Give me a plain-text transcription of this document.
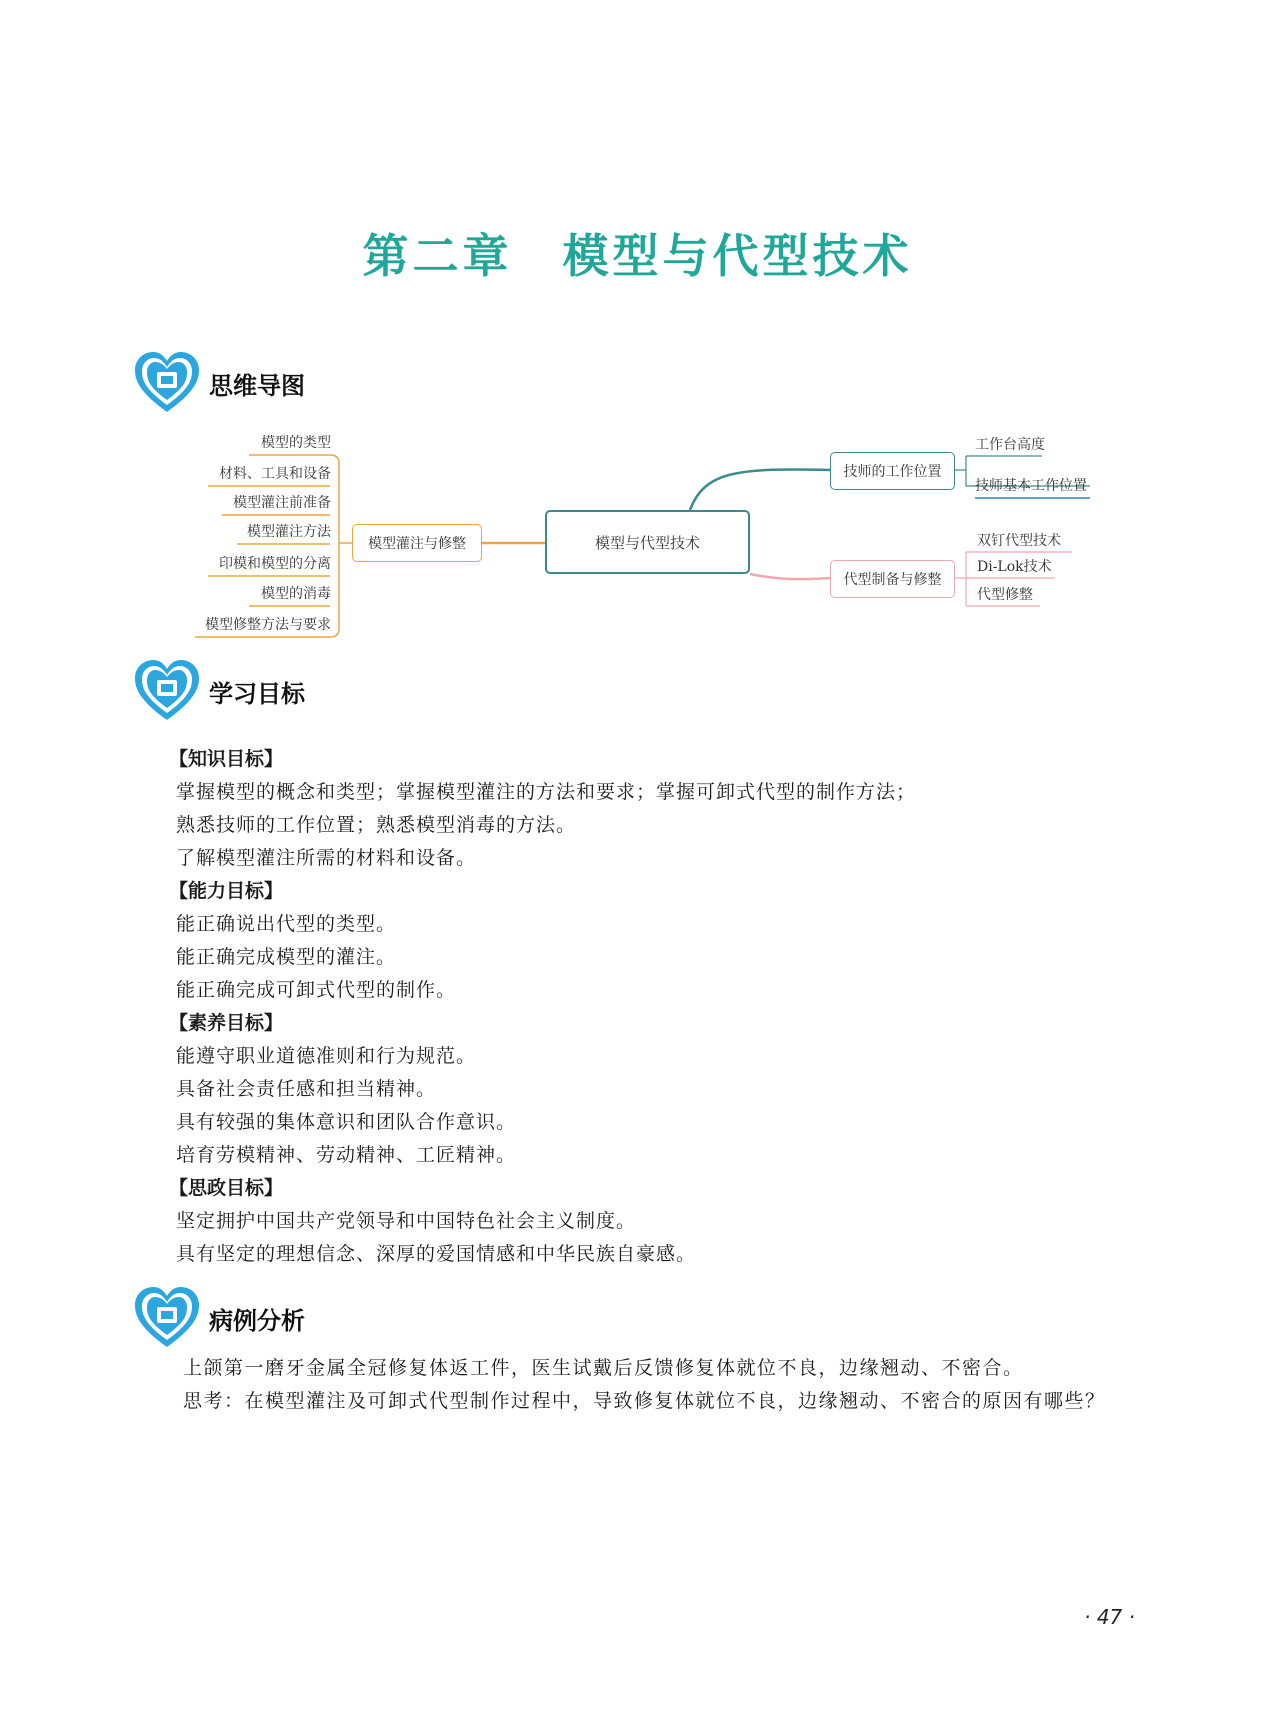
第二章　模型与代型技术
思维导图
模型的类型
材料、工具和设备
模型灌注前准备
模型灌注方法
印模和模型的分离
模型的消毒
模型修整方法与要求
模型灌注与修整	模型与代型技术
技师的工作位置
代型制备与修整
工作台高度
技师基本工作位置
双钉代型技术
Di-Lok技术
代型修整
学习目标
【知识目标】
掌握模型的概念和类型；掌握模型灌注的方法和要求；掌握可卸式代型的制作方法；
熟悉技师的工作位置；熟悉模型消毒的方法。
了解模型灌注所需的材料和设备。
【能力目标】
能正确说出代型的类型。
能正确完成模型的灌注。
能正确完成可卸式代型的制作。
【素养目标】
能遵守职业道德准则和行为规范。
具备社会责任感和担当精神。
具有较强的集体意识和团队合作意识。
培育劳模精神、劳动精神、工匠精神。
【思政目标】
坚定拥护中国共产党领导和中国特色社会主义制度。
具有坚定的理想信念、深厚的爱国情感和中华民族自豪感。
病例分析

上颌第一磨牙金属全冠修复体返工件，医生试戴后反馈修复体就位不良，边缘翘动、不密合。

思考：在模型灌注及可卸式代型制作过程中，导致修复体就位不良，边缘翘动、不密合的原因有哪些？

· 47 ·
